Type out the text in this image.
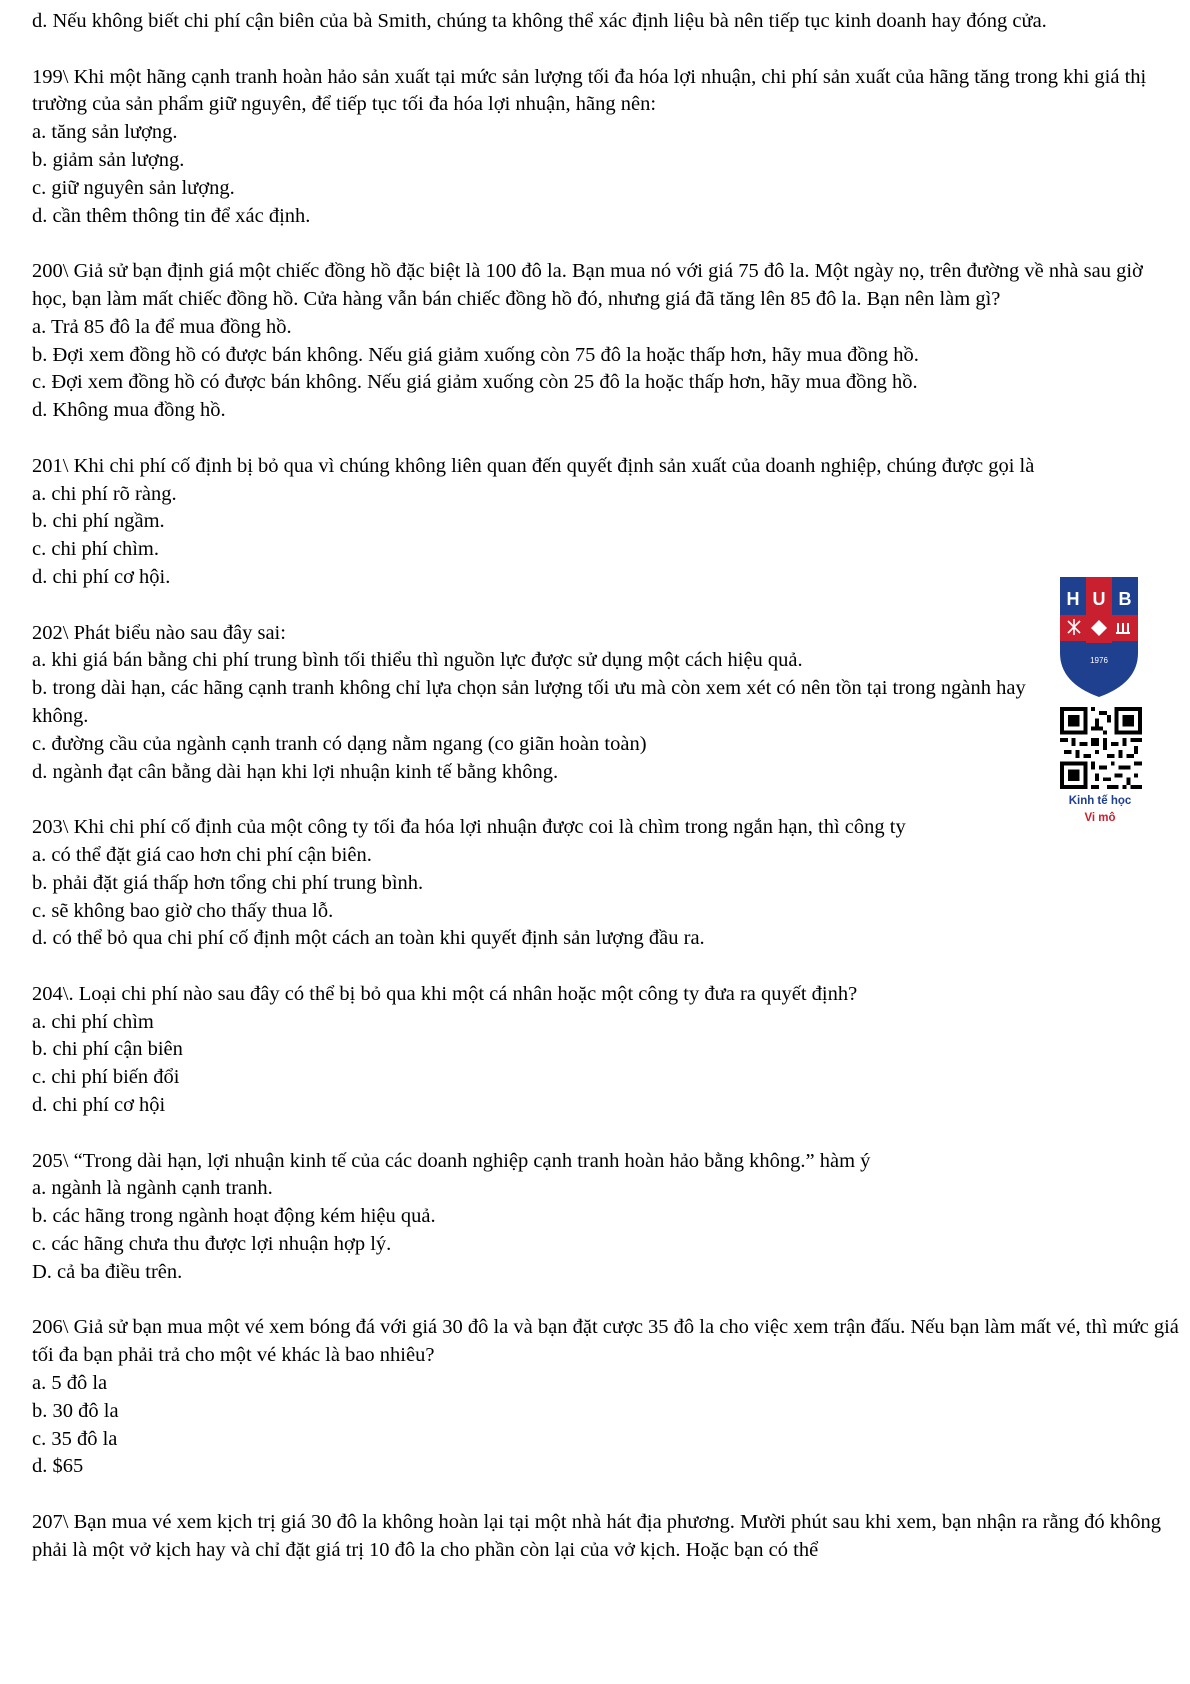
d. Nếu không biết chi phí cận biên của bà Smith, chúng ta không thể xác định liệu bà nên tiếp tục kinh doanh hay đóng cửa.

199\ Khi một hãng cạnh tranh hoàn hảo sản xuất tại mức sản lượng tối đa hóa lợi nhuận, chi phí sản xuất của hãng tăng trong khi giá thị trường của sản phẩm giữ nguyên, để tiếp tục tối đa hóa lợi nhuận, hãng nên:

a. tăng sản lượng.

b. giảm sản lượng.

c. giữ nguyên sản lượng.

d. cần thêm thông tin để xác định.

200\ Giả sử bạn định giá một chiếc đồng hồ đặc biệt là 100 đô la. Bạn mua nó với giá 75 đô la. Một ngày nọ, trên đường về nhà sau giờ học, bạn làm mất chiếc đồng hồ. Cửa hàng vẫn bán chiếc đồng hồ đó, nhưng giá đã tăng lên 85 đô la. Bạn nên làm gì?

a. Trả 85 đô la để mua đồng hồ.

b. Đợi xem đồng hồ có được bán không. Nếu giá giảm xuống còn 75 đô la hoặc thấp hơn, hãy mua đồng hồ.

c. Đợi xem đồng hồ có được bán không. Nếu giá giảm xuống còn 25 đô la hoặc thấp hơn, hãy mua đồng hồ.

d. Không mua đồng hồ.

201\ Khi chi phí cố định bị bỏ qua vì chúng không liên quan đến quyết định sản xuất của doanh nghiệp, chúng được gọi là

a. chi phí rõ ràng.

b. chi phí ngầm.

c. chi phí chìm.

d. chi phí cơ hội.

202\ Phát biểu nào sau đây sai:

a. khi giá bán bằng chi phí trung bình tối thiểu thì nguồn lực được sử dụng một cách hiệu quả.

b. trong dài hạn, các hãng cạnh tranh không chỉ lựa chọn sản lượng tối ưu mà còn xem xét có nên tồn tại trong ngành hay không.

c. đường cầu của ngành cạnh tranh có dạng nằm ngang (co giãn hoàn toàn)

d. ngành đạt cân bằng dài hạn khi lợi nhuận kinh tế bằng không.

203\ Khi chi phí cố định của một công ty tối đa hóa lợi nhuận được coi là chìm trong ngắn hạn, thì công ty

a. có thể đặt giá cao hơn chi phí cận biên.

b. phải đặt giá thấp hơn tổng chi phí trung bình.

c. sẽ không bao giờ cho thấy thua lỗ.

d. có thể bỏ qua chi phí cố định một cách an toàn khi quyết định sản lượng đầu ra.

204\. Loại chi phí nào sau đây có thể bị bỏ qua khi một cá nhân hoặc một công ty đưa ra quyết định?

a. chi phí chìm

b. chi phí cận biên

c. chi phí biến đổi

d. chi phí cơ hội

205\ “Trong dài hạn, lợi nhuận kinh tế của các doanh nghiệp cạnh tranh hoàn hảo bằng không.” hàm ý

a. ngành là ngành cạnh tranh.

b. các hãng trong ngành hoạt động kém hiệu quả.

c. các hãng chưa thu được lợi nhuận hợp lý.

D. cả ba điều trên.

206\ Giả sử bạn mua một vé xem bóng đá với giá 30 đô la và bạn đặt cược 35 đô la cho việc xem trận đấu. Nếu bạn làm mất vé, thì mức giá tối đa bạn phải trả cho một vé khác là bao nhiêu?

a. 5 đô la

b. 30 đô la

c. 35 đô la

d. $65

207\ Bạn mua vé xem kịch trị giá 30 đô la không hoàn lại tại một nhà hát địa phương. Mười phút sau khi xem, bạn nhận ra rằng đó không phải là một vở kịch hay và chỉ đặt giá trị 10 đô la cho phần còn lại của vở kịch. Hoặc bạn có thể

H U B
1976
Kinh tế học
Vi mô
